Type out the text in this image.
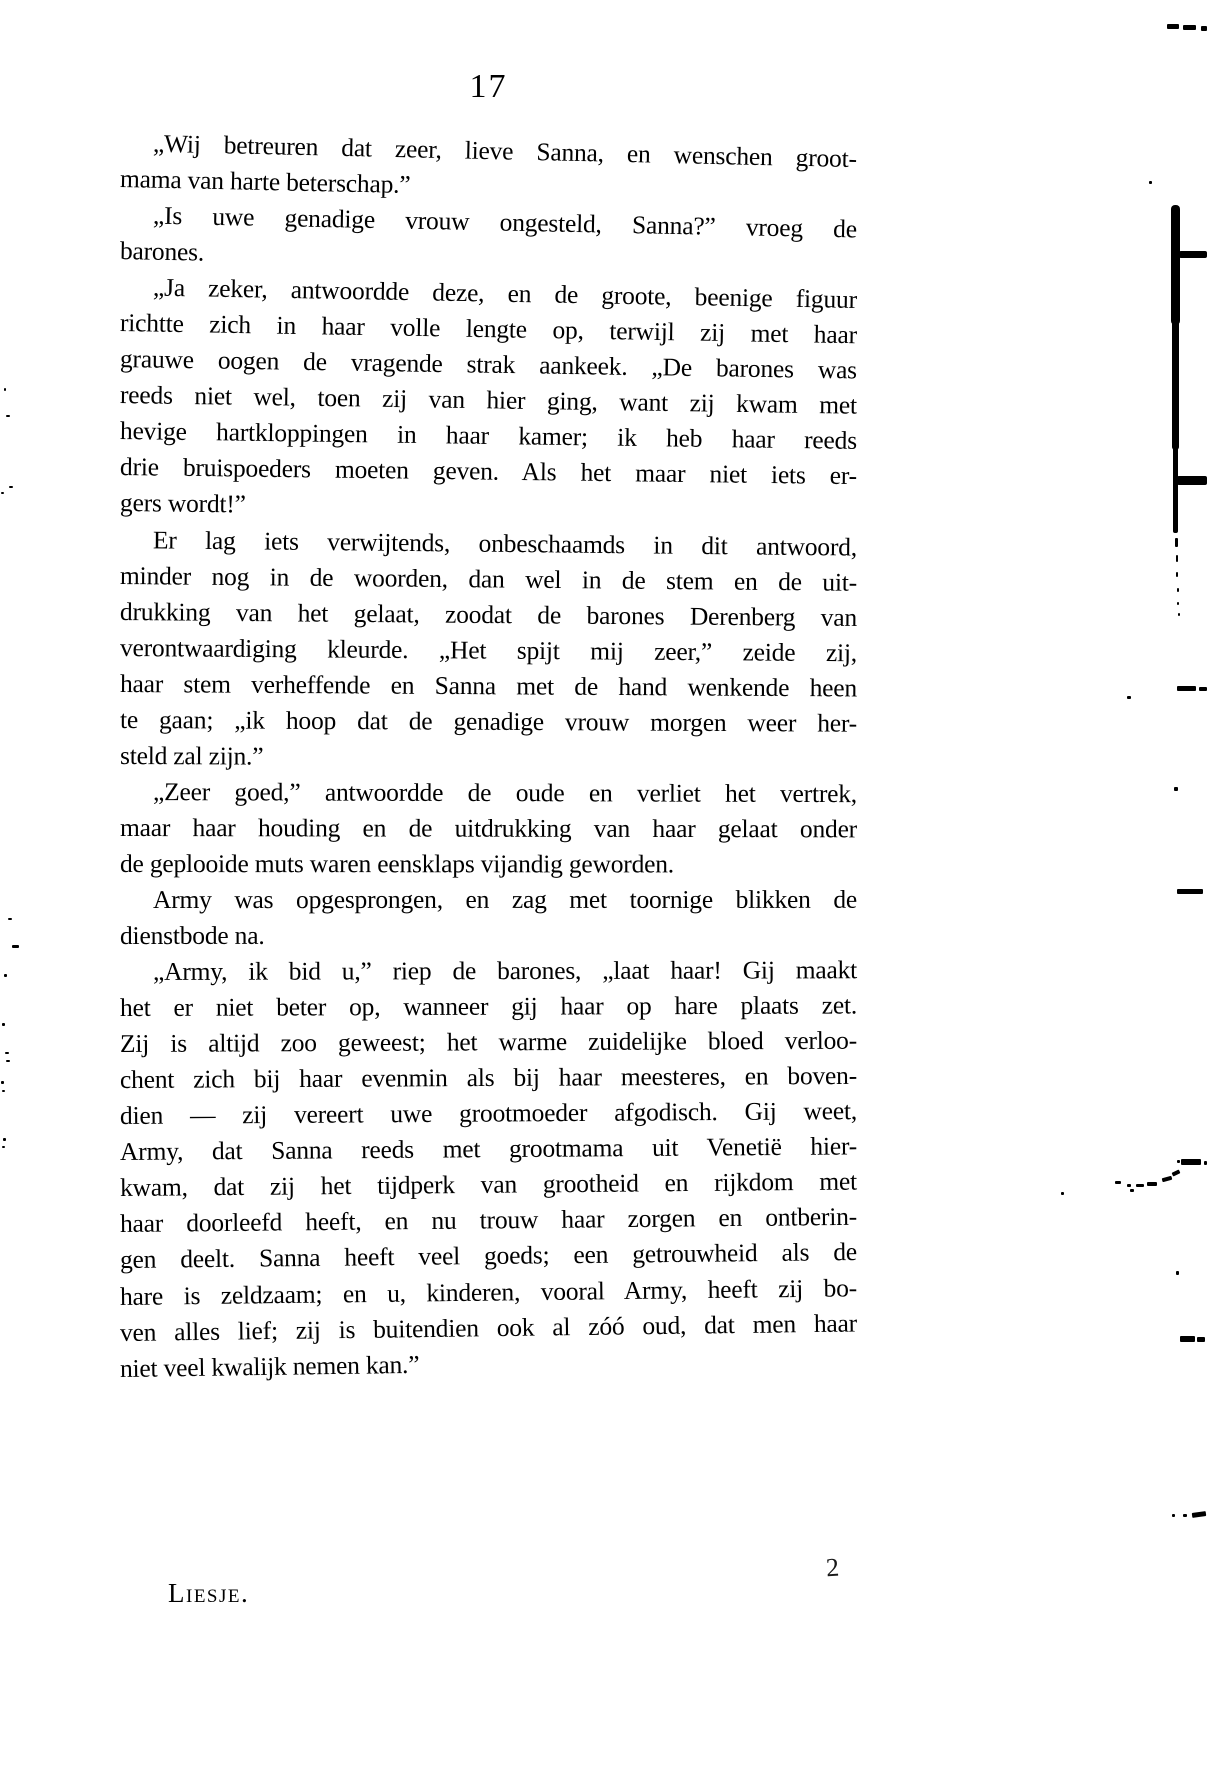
17
„Wij betreuren dat zeer, lieve Sanna, en wenschen groot-
mama van harte beterschap.”
„Is uwe genadige vrouw ongesteld, Sanna?” vroeg de
barones.
„Ja zeker, antwoordde deze, en de groote, beenige figuur
richtte zich in haar volle lengte op, terwijl zij met haar
grauwe oogen de vragende strak aankeek. „De barones was
reeds niet wel, toen zij van hier ging, want zij kwam met
hevige hartkloppingen in haar kamer; ik heb haar reeds
drie bruispoeders moeten geven. Als het maar niet iets er-
gers wordt!”
Er lag iets verwijtends, onbeschaamds in dit antwoord,
minder nog in de woorden, dan wel in de stem en de uit-
drukking van het gelaat, zoodat de barones Derenberg van
verontwaardiging kleurde. „Het spijt mij zeer,” zeide zij,
haar stem verheffende en Sanna met de hand wenkende heen
te gaan; „ik hoop dat de genadige vrouw morgen weer her-
steld zal zijn.”
„Zeer goed,” antwoordde de oude en verliet het vertrek,
maar haar houding en de uitdrukking van haar gelaat onder
de geplooide muts waren eensklaps vijandig geworden.
Army was opgesprongen, en zag met toornige blikken de
dienstbode na.
„Army, ik bid u,” riep de barones, „laat haar! Gij maakt
het er niet beter op, wanneer gij haar op hare plaats zet.
Zij is altijd zoo geweest; het warme zuidelijke bloed verloo-
chent zich bij haar evenmin als bij haar meesteres, en boven-
dien — zij vereert uwe grootmoeder afgodisch. Gij weet,
Army, dat Sanna reeds met grootmama uit Venetië hier-
kwam, dat zij het tijdperk van grootheid en rijkdom met
haar doorleefd heeft, en nu trouw haar zorgen en ontberin-
gen deelt. Sanna heeft veel goeds; een getrouwheid als de
hare is zeldzaam; en u, kinderen, vooral Army, heeft zij bo-
ven alles lief; zij is buitendien ook al zóó oud, dat men haar
niet veel kwalijk nemen kan.”
Liesje.
2
